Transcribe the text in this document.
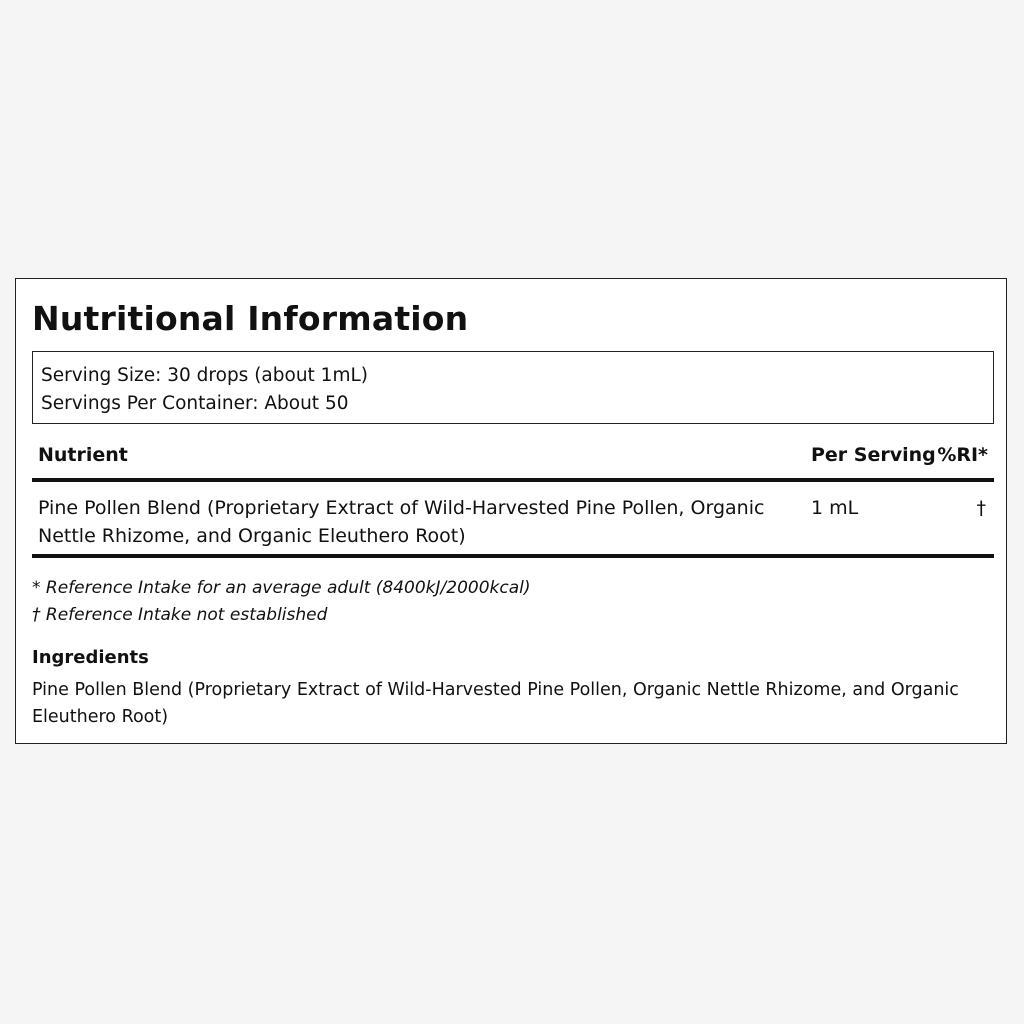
Nutritional Information
Serving Size: 30 drops (about 1mL)
Servings Per Container: About 50
Nutrient	Per Serving %RI*
Pine Pollen Blend (Proprietary Extract of Wild-Harvested Pine Pollen, Organic Nettle Rhizome, and Organic Eleuthero Root)
1 mL	†
* Reference Intake for an average adult (8400kJ/2000kcal)
† Reference Intake not established
Ingredients
Pine Pollen Blend (Proprietary Extract of Wild-Harvested Pine Pollen, Organic Nettle Rhizome, and Organic Eleuthero Root)
